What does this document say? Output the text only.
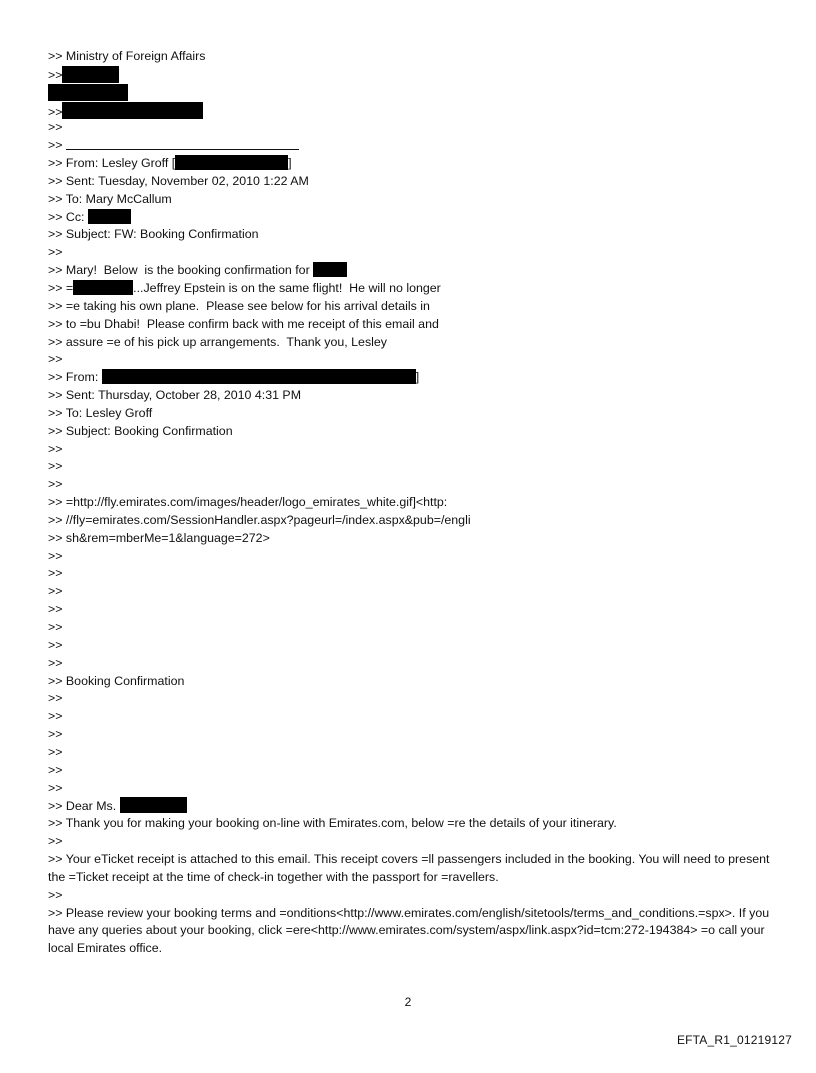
>> Ministry of Foreign Affairs
>>
>>
>>
>>
>> From: Lesley Groff [	]
>> Sent: Tuesday, November 02, 2010 1:22 AM
>> To: Mary McCallum
>> Cc:
>> Subject: FW: Booking Confirmation
>>
>> Mary!  Below  is the booking confirmation for
>> =	...Jeffrey Epstein is on the same flight!  He will no longer
>> =e taking his own plane.  Please see below for his arrival details in
>> to =bu Dhabi!  Please confirm back with me receipt of this email and
>> assure =e of his pick up arrangements.  Thank you, Lesley
>>
>> From:	]
>> Sent: Thursday, October 28, 2010 4:31 PM
>> To: Lesley Groff
>> Subject: Booking Confirmation
>>
>>
>>
>> =http://fly.emirates.com/images/header/logo_emirates_white.gif]<http:
>> //fly=emirates.com/SessionHandler.aspx?pageurl=/index.aspx&pub=/engli
>> sh&rem=mberMe=1&language=272>
>>
>>
>>
>>
>>
>>
>>
>> Booking Confirmation
>>
>>
>>
>>
>>
>>
>> Dear Ms.
>> Thank you for making your booking on-line with Emirates.com, below =re the details of your itinerary.
>>
>> Your eTicket receipt is attached to this email. This receipt covers =ll passengers included in the booking. You will need to present the =Ticket receipt at the time of check-in together with the passport for =ravellers.
>>
>> Please review your booking terms and =onditions<http://www.emirates.com/english/sitetools/terms_and_conditions.=spx>. If you have any queries about your booking, click =ere<http://www.emirates.com/system/aspx/link.aspx?id=tcm:272-194384> =o call your local Emirates office.
2
EFTA_R1_01219127
